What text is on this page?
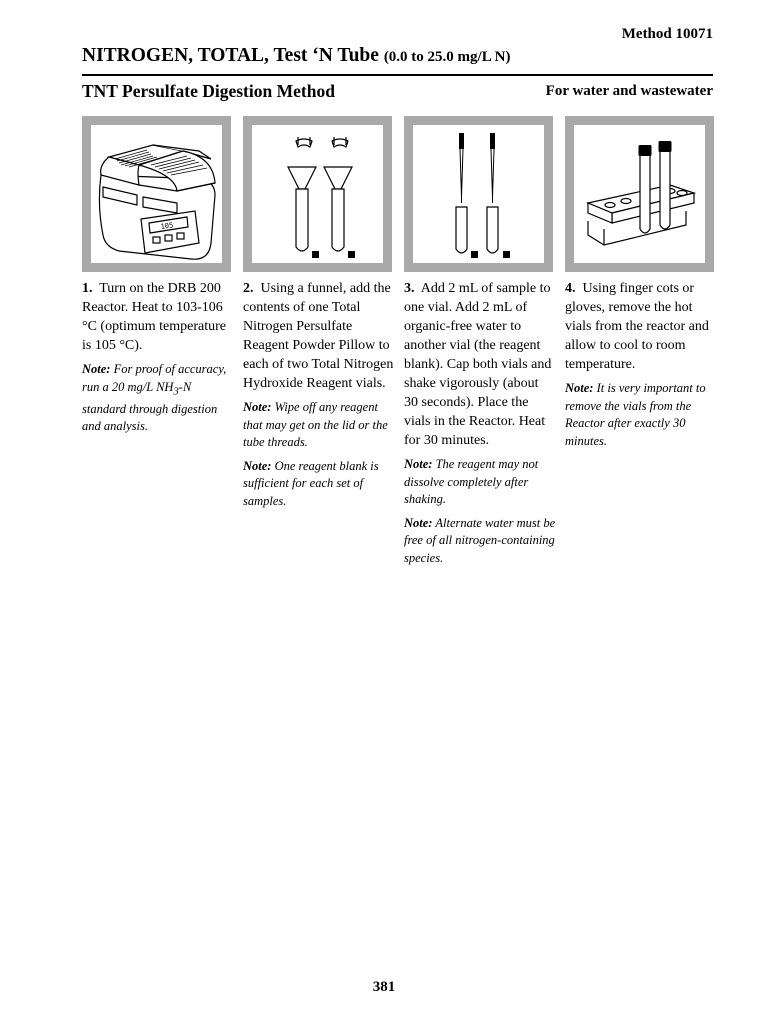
Method 10071
NITROGEN, TOTAL, Test ‘N Tube (0.0 to 25.0 mg/L N)
TNT Persulfate Digestion Method	For water and wastewater
105
1. Turn on the DRB 200 Reactor. Heat to 103-106 °C (optimum temperature is 105 °C).
Note: For proof of accuracy, run a 20 mg/L $NH_3-N$ standard through digestion and analysis.
2. Using a funnel, add the contents of one Total Nitrogen Persulfate Reagent Powder Pillow to each of two Total Nitrogen Hydroxide Reagent vials.
Note: Wipe off any reagent that may get on the lid or the tube threads.
Note: One reagent blank is sufficient for each set of samples.
3. Add 2 mL of sample to one vial. Add 2 mL of organic-free water to another vial (the reagent blank). Cap both vials and shake vigorously (about 30 seconds). Place the vials in the Reactor. Heat for 30 minutes.
Note: The reagent may not dissolve completely after shaking.
Note: Alternate water must be free of all nitrogen-containing species.
4. Using finger cots or gloves, remove the hot vials from the reactor and allow to cool to room temperature.
Note: It is very important to remove the vials from the Reactor after exactly 30 minutes.
381
